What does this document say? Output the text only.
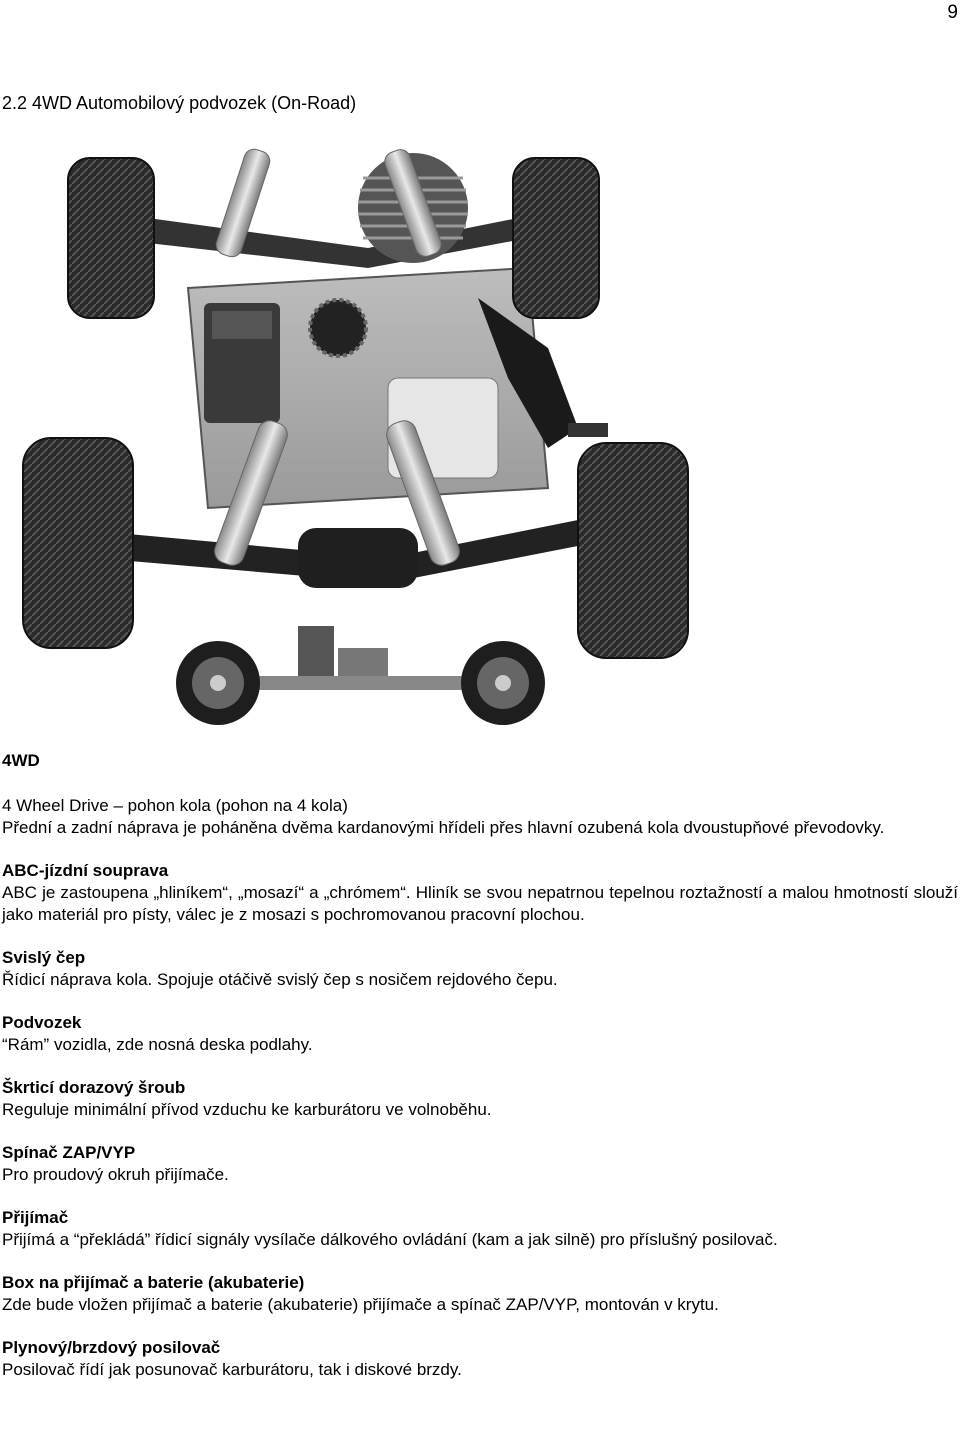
9
2.2 4WD Automobilový podvozek (On-Road)

4WD

4 Wheel Drive – pohon kola (pohon na 4 kola)

Přední a zadní náprava je poháněna dvěma kardanovými hřídeli přes hlavní ozubená kola dvoustupňové převodovky.

ABC-jízdní souprava

ABC je zastoupena „hliníkem“, „mosazí“ a „chrómem“. Hliník se svou nepatrnou tepelnou roztažností a malou hmotností slouží jako materiál pro písty, válec je z mosazi s pochromovanou pracovní plochou.

Svislý čep

Řídicí náprava kola. Spojuje otáčivě svislý čep s nosičem rejdového čepu.

Podvozek

“Rám” vozidla, zde nosná deska podlahy.

Škrticí dorazový šroub

Reguluje minimální přívod vzduchu ke karburátoru ve volnoběhu.

Spínač ZAP/VYP

Pro proudový okruh přijímače.

Přijímač

Přijímá a “překládá” řídicí signály vysílače dálkového ovládání (kam a jak silně) pro příslušný posilovač.

Box na přijímač a baterie (akubaterie)

Zde bude vložen přijímač a baterie (akubaterie) přijímače a spínač ZAP/VYP, montován v krytu.

Plynový/brzdový posilovač

Posilovač řídí jak posunovač karburátoru, tak i diskové brzdy.
